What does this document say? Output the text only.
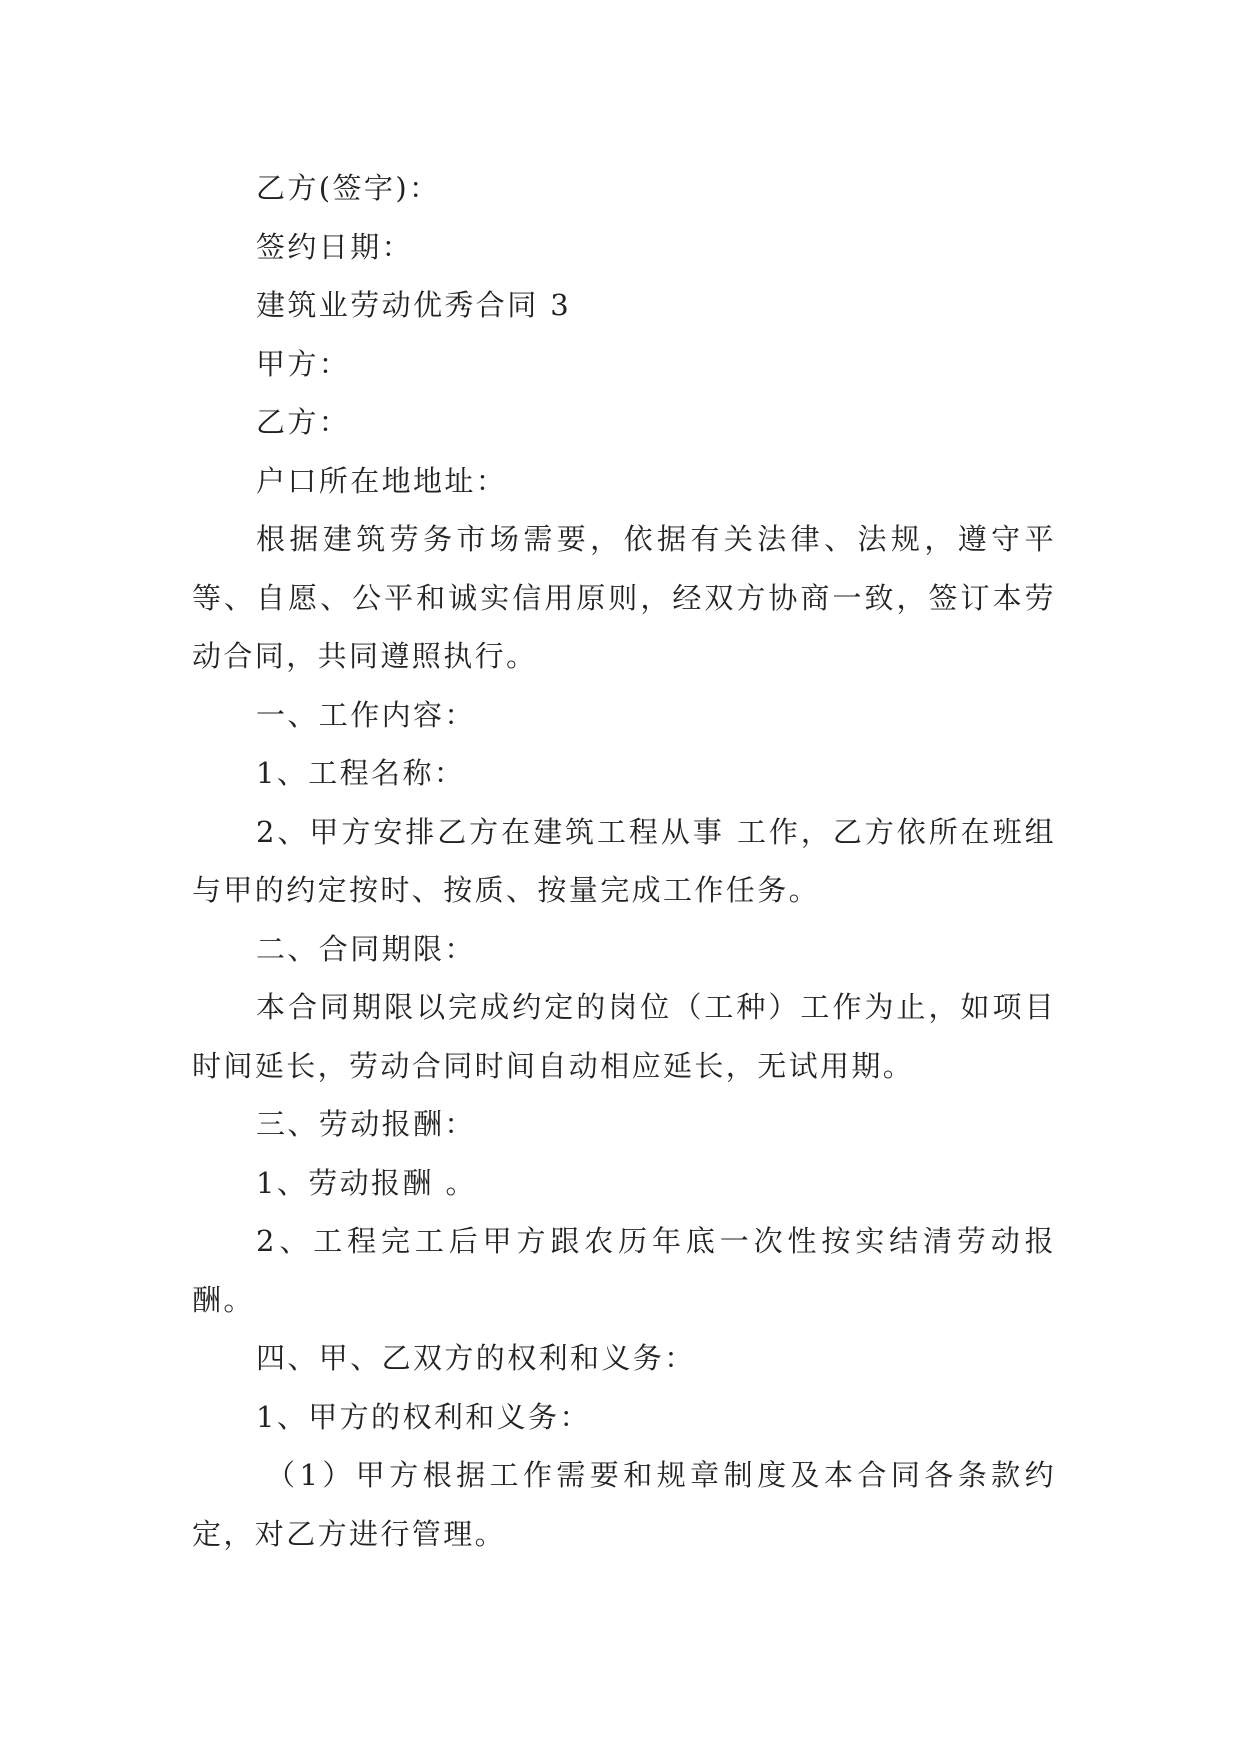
乙方(签字)：

签约日期：

建筑业劳动优秀合同 3

甲方：

乙方：

户口所在地地址：

根据建筑劳务市场需要，依据有关法律、法规，遵守平等、自愿、公平和诚实信用原则，经双方协商一致，签订本劳动合同，共同遵照执行。

一、工作内容：

1、工程名称：

2、甲方安排乙方在建筑工程从事 工作，乙方依所在班组与甲的约定按时、按质、按量完成工作任务。

二、合同期限：

本合同期限以完成约定的岗位（工种）工作为止，如项目时间延长，劳动合同时间自动相应延长，无试用期。

三、劳动报酬：

1、劳动报酬 。

2、工程完工后甲方跟农历年底一次性按实结清劳动报酬。

四、甲、乙双方的权利和义务：

1、甲方的权利和义务：

（1）甲方根据工作需要和规章制度及本合同各条款约定，对乙方进行管理。
